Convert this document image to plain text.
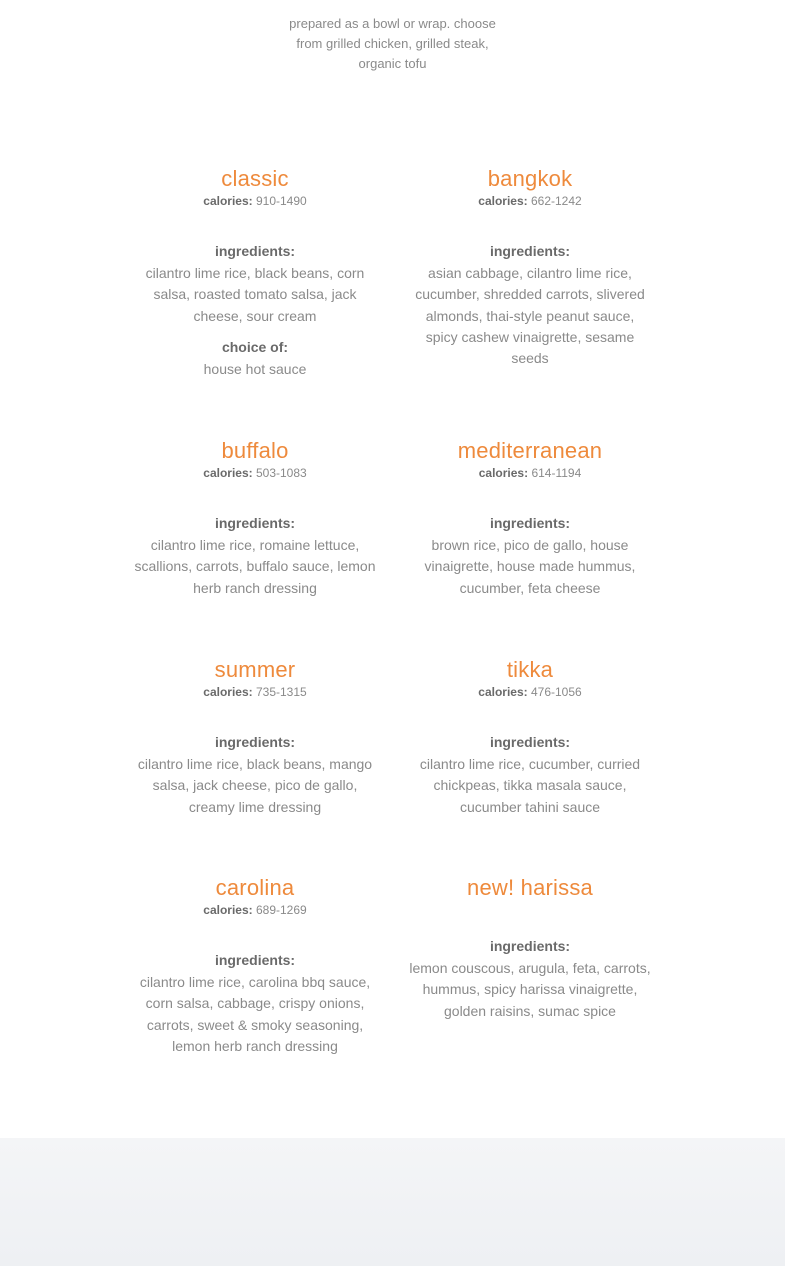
prepared as a bowl or wrap. choose
from grilled chicken, grilled steak,
organic tofu
classic
calories: 910-1490
ingredients:
cilantro lime rice, black beans, corn salsa, roasted tomato salsa, jack cheese, sour cream
choice of:
house hot sauce
bangkok
calories: 662-1242
ingredients:
asian cabbage, cilantro lime rice, cucumber, shredded carrots, slivered almonds, thai-style peanut sauce, spicy cashew vinaigrette, sesame seeds
buffalo
calories: 503-1083
ingredients:
cilantro lime rice, romaine lettuce, scallions, carrots, buffalo sauce, lemon herb ranch dressing
mediterranean
calories: 614-1194
ingredients:
brown rice, pico de gallo, house vinaigrette, house made hummus, cucumber, feta cheese
summer
calories: 735-1315
ingredients:
cilantro lime rice, black beans, mango salsa, jack cheese, pico de gallo, creamy lime dressing
tikka
calories: 476-1056
ingredients:
cilantro lime rice, cucumber, curried chickpeas, tikka masala sauce, cucumber tahini sauce
carolina
calories: 689-1269
ingredients:
cilantro lime rice, carolina bbq sauce, corn salsa, cabbage, crispy onions, carrots, sweet & smoky seasoning, lemon herb ranch dressing
new! harissa
ingredients:
lemon couscous, arugula, feta, carrots, hummus, spicy harissa vinaigrette, golden raisins, sumac spice
